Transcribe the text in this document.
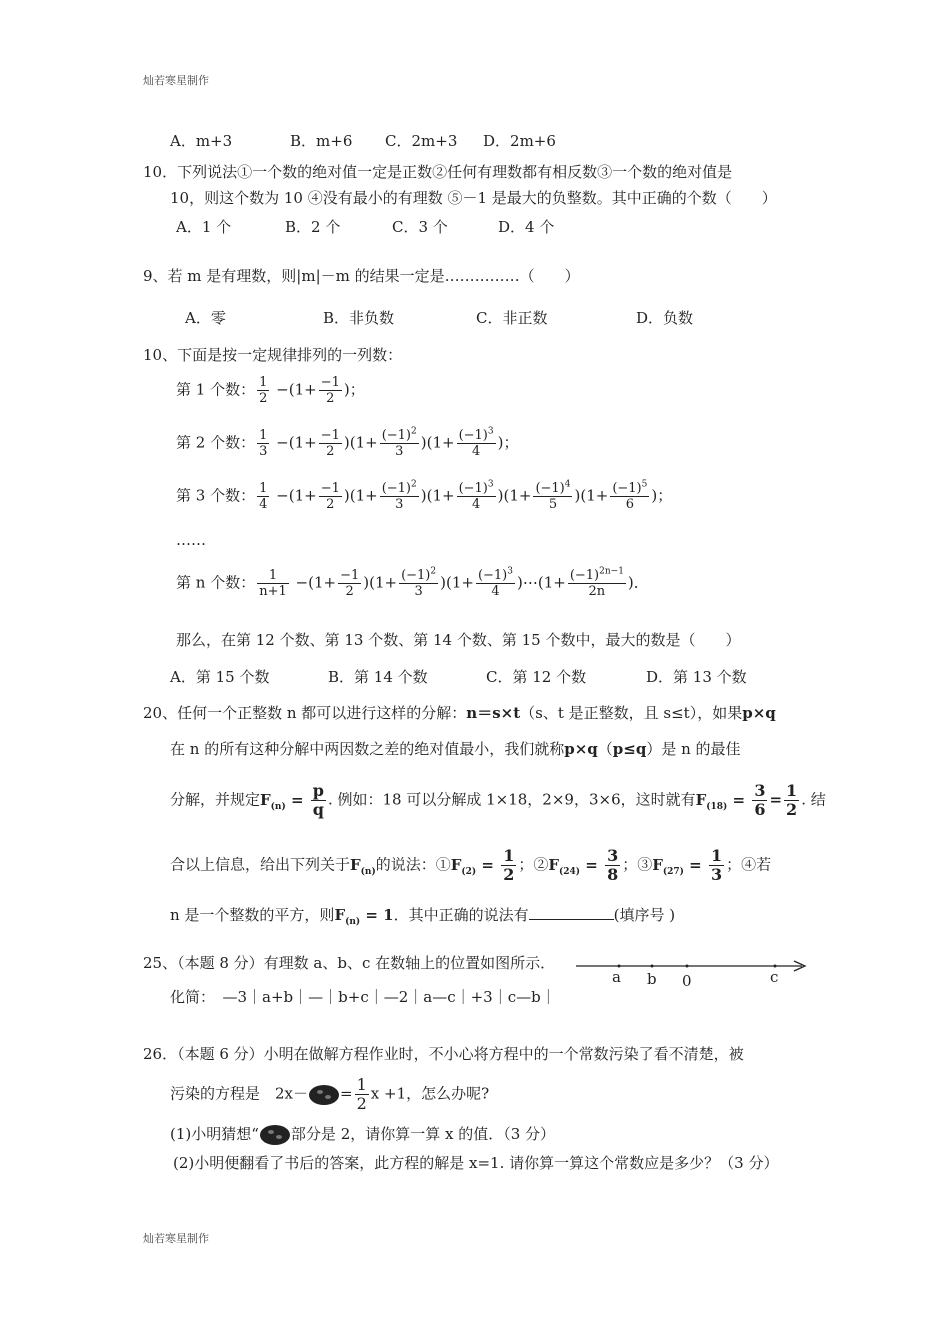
灿若寒星制作
灿若寒星制作
A．m+3	B．m+6 C．2m+3 D．2m+6
10．下列说法①一个数的绝对值一定是正数②任何有理数都有相反数③一个数的绝对值是
10，则这个数为 10 ④没有最小的有理数 ⑤－1 是最大的负整数。其中正确的个数（　　）
A．1 个	B．2 个	C．3 个	D．4 个
9、若 m 是有理数，则|m|－m 的结果一定是……………（　　）
A．零	B．非负数	C．非正数	D．负数
10、下面是按一定规律排列的一列数：
第 1 个数： $\frac{1}{2} -(1+ \frac{-1}{2}$ )；
第 2 个数： $\frac{1}{3} -(1+ \frac{-1}{2} )(1+ \frac{(-1)^2}{3} )(1+ \frac{(-1)^3}{4}$ )；
第 3 个数： $\frac{1}{4} -(1+ \frac{-1}{2} )(1+ \frac{(-1)^2}{3} )(1+ \frac{(-1)^3}{4} )(1+ \frac{(-1)^4}{5} )(1+ \frac{(-1)^5}{6}$ )；
……
第 n 个数： $\frac{1}{n+1} -(1+ \frac{-1}{2} )(1+ \frac{(-1)^2}{3} )(1+ \frac{(-1)^3}{4}$ )⋯(1+ $\frac{(-1)^{2n-1}}{2n}$ )．
那么，在第 12 个数、第 13 个数、第 14 个数、第 15 个数中，最大的数是（　　）
A．第 15 个数	B．第 14 个数	C．第 12 个数	D．第 13 个数
20、任何一个正整数 n 都可以进行这样的分解：n＝s×t（s、t 是正整数，且 s≤t），如果p×q
在 n 的所有这种分解中两因数之差的绝对值最小，我们就称p×q（p≤q）是 n 的最佳
分解，并规定$F_{(n)} = \frac{p}{q}$ . 例如：18 可以分解成 1×18，2×9，3×6，这时就有$F_{(18)} = \frac{3}{6} = \frac{1}{2}$ . 结
合以上信息，给出下列关于$F_{(n)}$的说法：$①F_{(2)} = \frac{1}{2}$ ；$②F_{(24)} = \frac{3}{8}$ ；$③F_{(27)} = \frac{1}{3}$ ；④若
n 是一个整数的平方，则$F_{(n)} = 1$．其中正确的说法有	(填序号 )
25、（本题 8 分）有理数 a、b、c 在数轴上的位置如图所示．
a b 0	c
化简：　—3｜a+b｜—｜b+c｜—2｜a—c｜+3｜c—b｜
26．（本题 6 分）小明在做解方程作业时，不小心将方程中的一个常数污染了看不清楚，被
污染的方程是　$2x- = \frac{1}{2}$ x +1，怎么办呢?
(1)小明猜想“ 部分是 2，请你算一算 x 的值．（3 分）
(2)小明便翻看了书后的答案，此方程的解是 x=1. 请你算一算这个常数应是多少？（3 分）
